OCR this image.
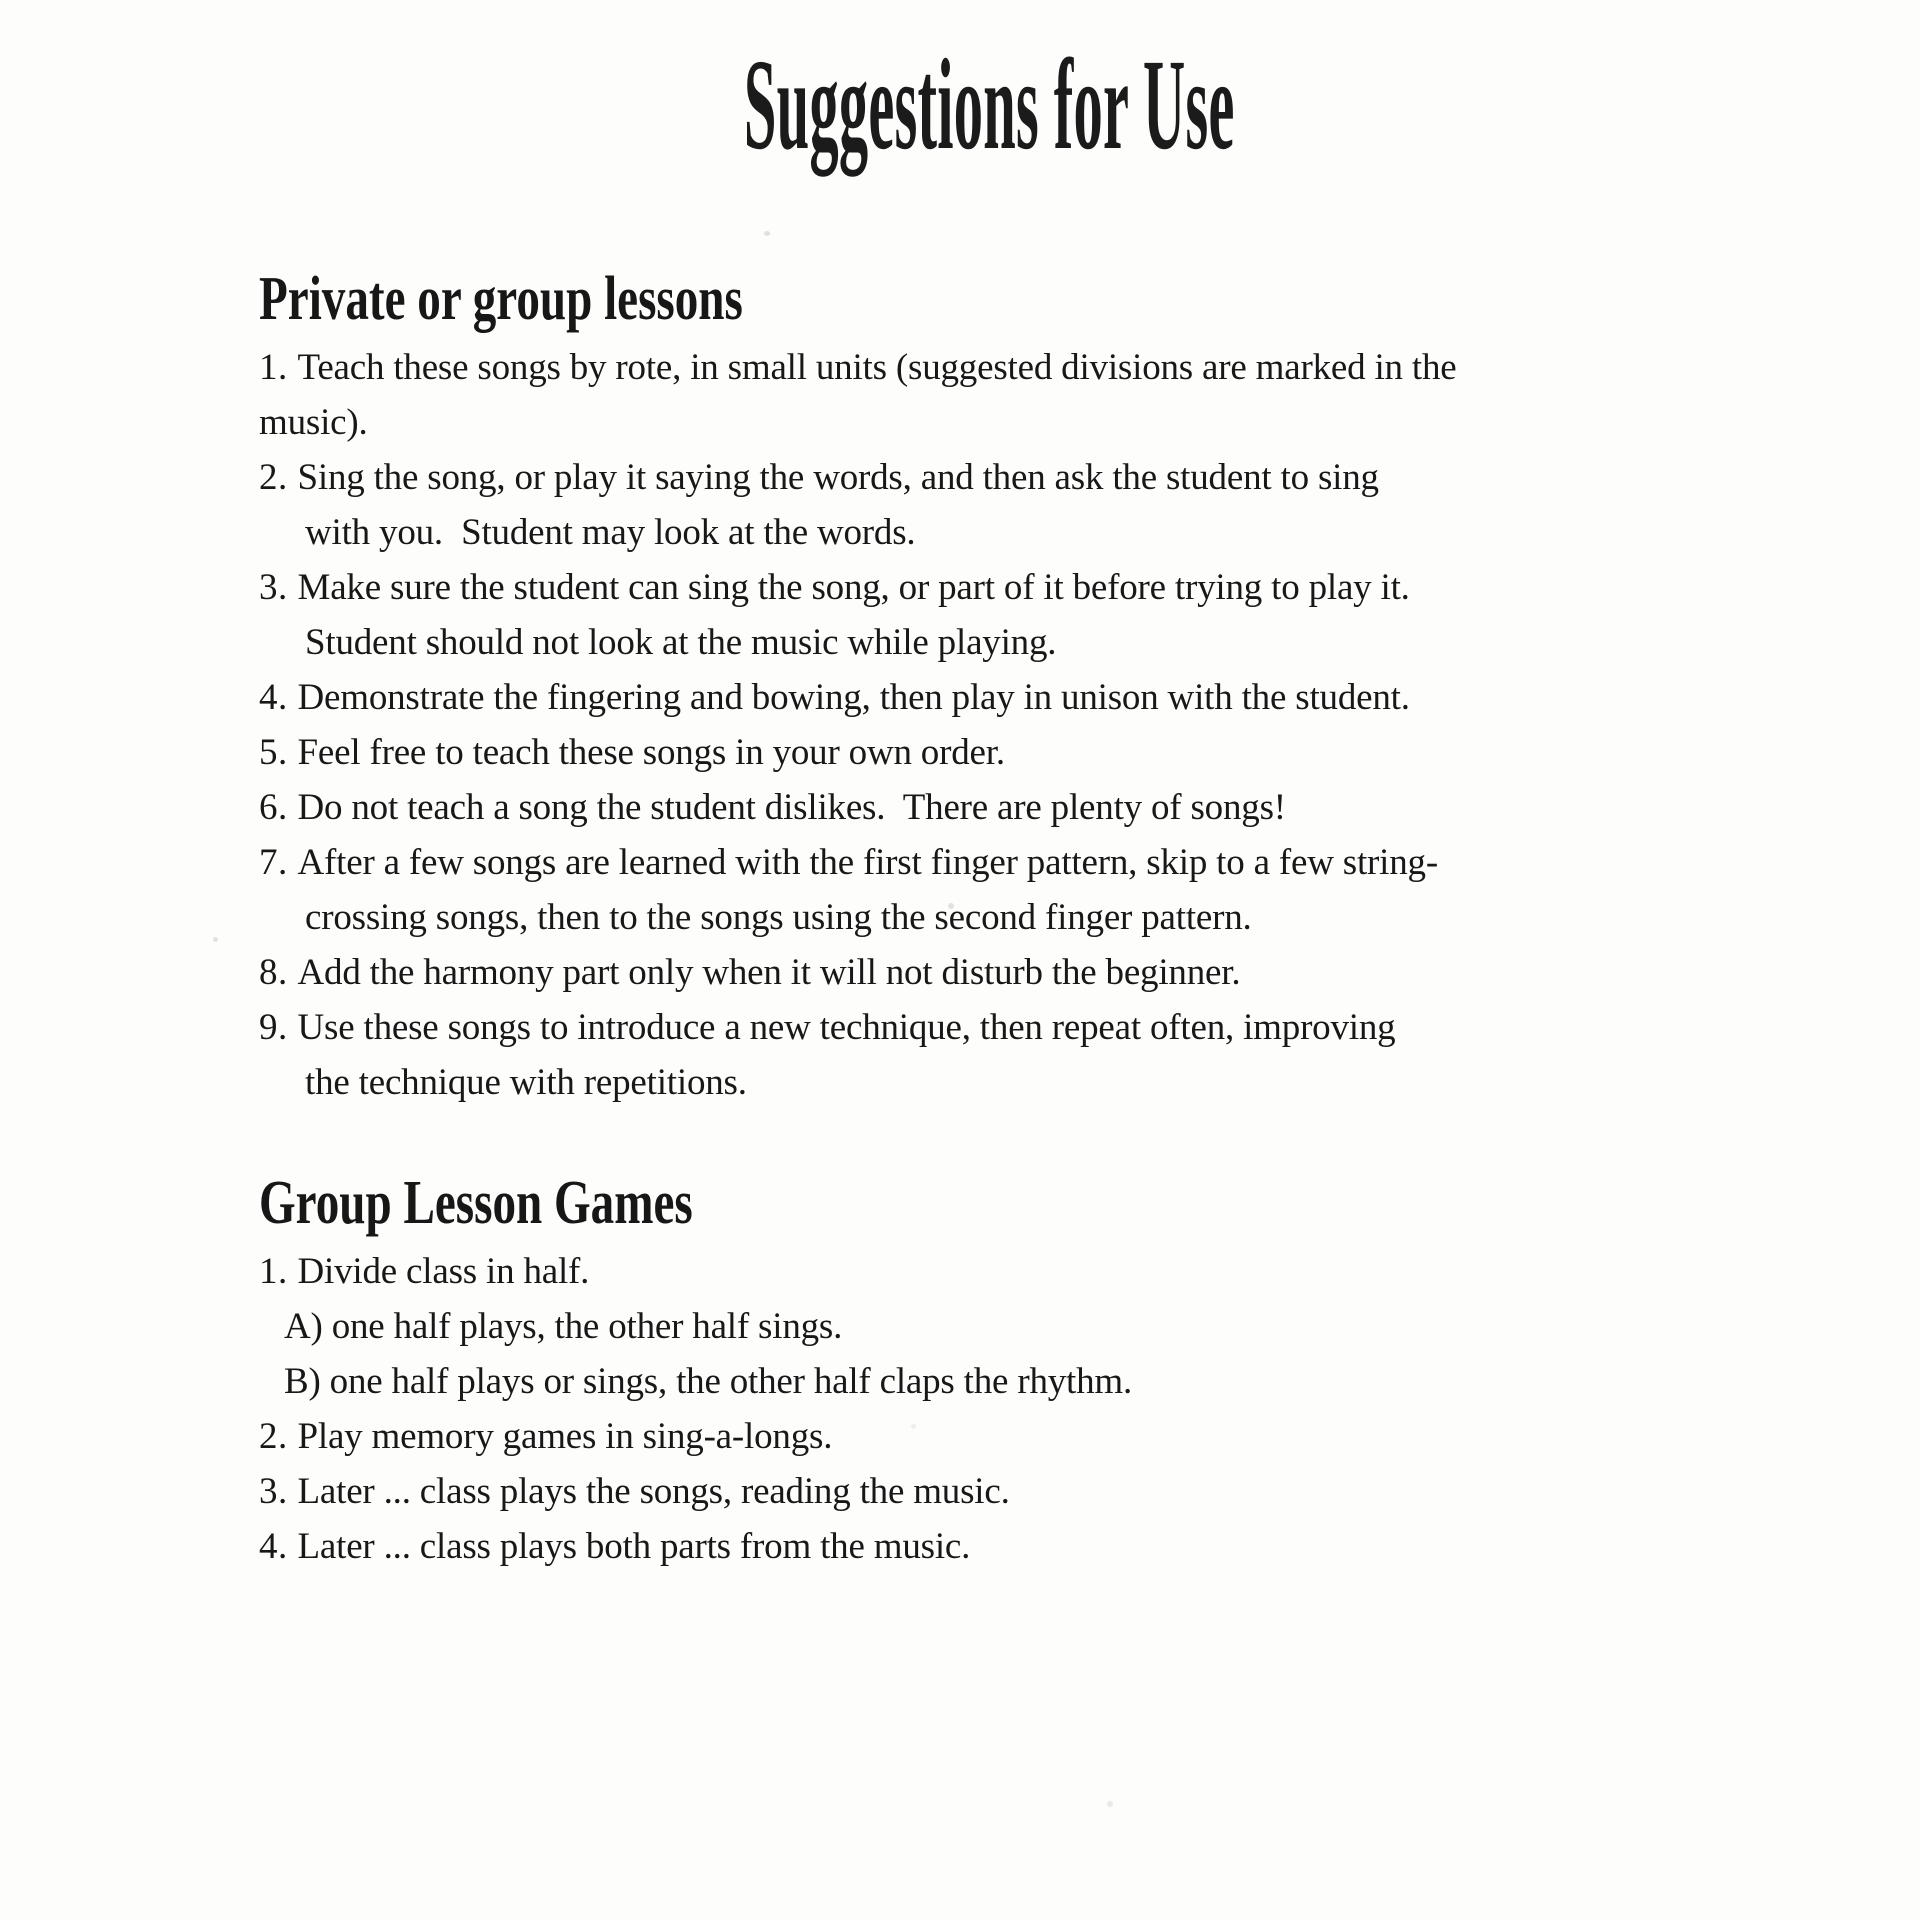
Suggestions for Use
Private or group lessons
1. Teach these songs by rote, in small units (suggested divisions are marked in the
music).
2. Sing the song, or play it saying the words, and then ask the student to sing
with you.  Student may look at the words.
3. Make sure the student can sing the song, or part of it before trying to play it.
Student should not look at the music while playing.
4. Demonstrate the fingering and bowing, then play in unison with the student.
5. Feel free to teach these songs in your own order.
6. Do not teach a song the student dislikes.  There are plenty of songs!
7. After a few songs are learned with the first finger pattern, skip to a few string-
crossing songs, then to the songs using the second finger pattern.
8. Add the harmony part only when it will not disturb the beginner.
9. Use these songs to introduce a new technique, then repeat often, improving
the technique with repetitions.
Group Lesson Games
1. Divide class in half.
A) one half plays, the other half sings.
B) one half plays or sings, the other half claps the rhythm.
2. Play memory games in sing-a-longs.
3. Later ... class plays the songs, reading the music.
4. Later ... class plays both parts from the music.
